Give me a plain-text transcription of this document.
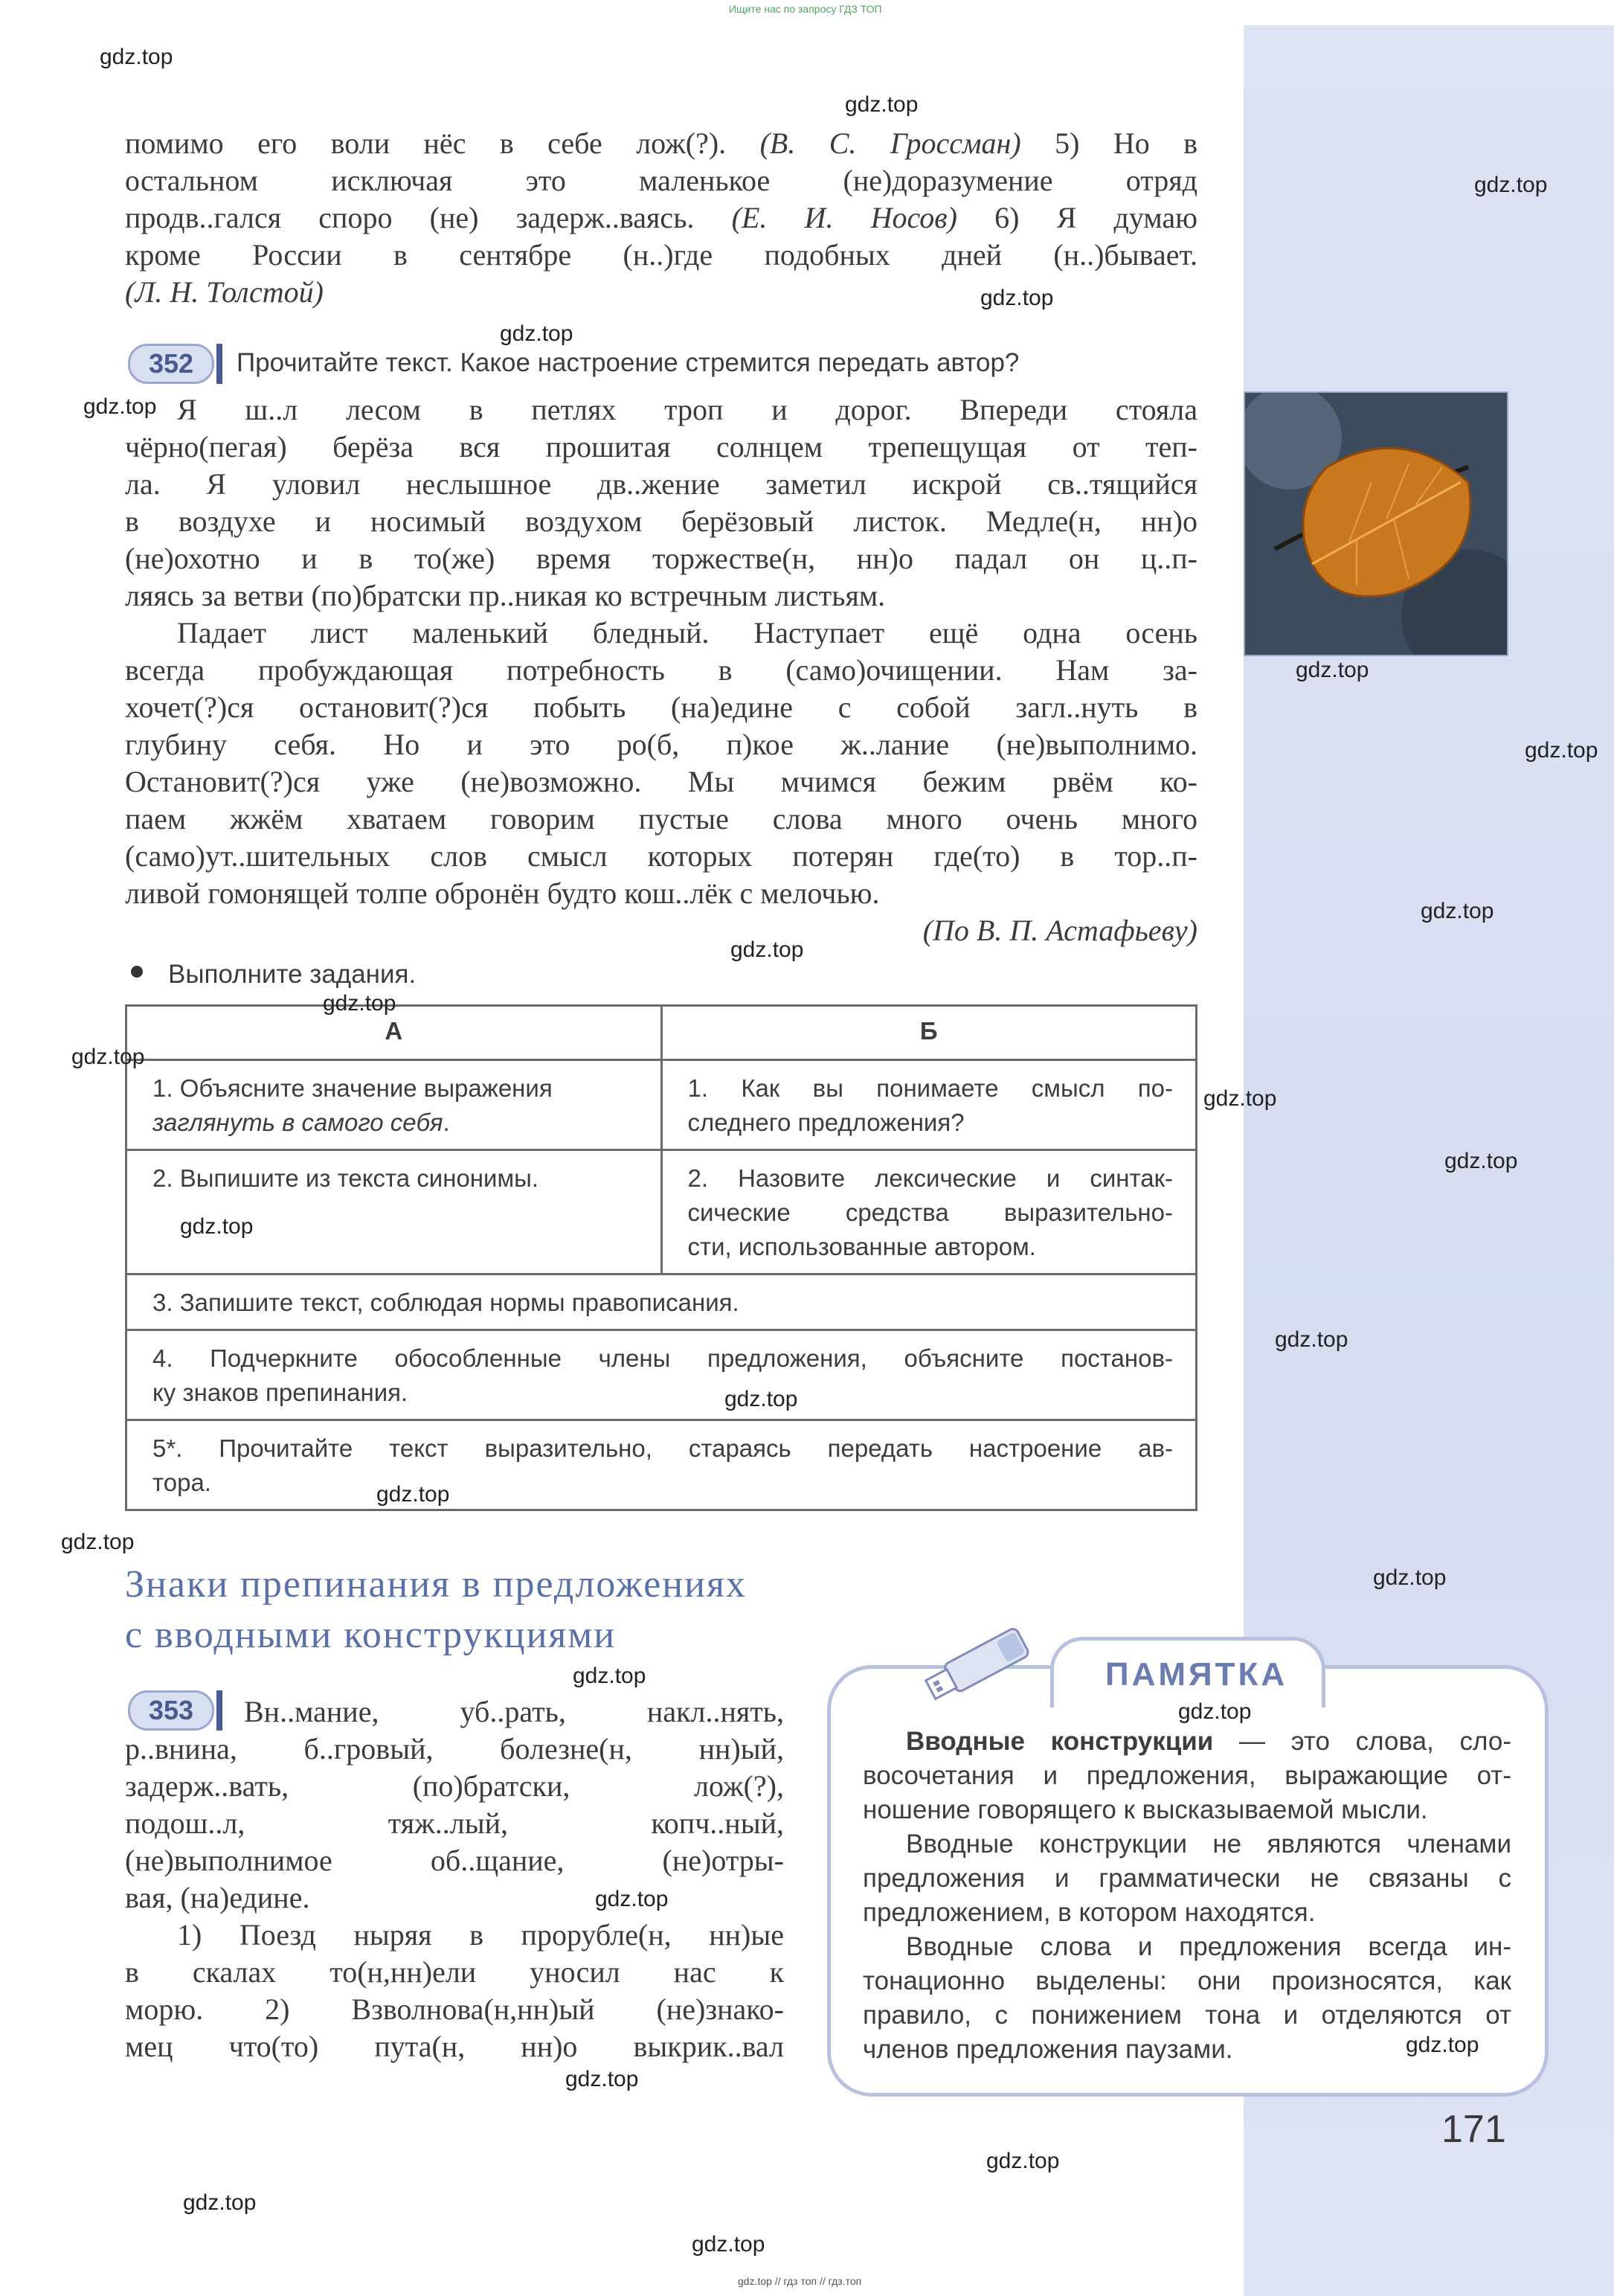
Ищите нас по запросу ГДЗ ТОП
помимо его воли нёс в себе лож(?). (В. С. Гроссман) 5) Но в
остальном исключая это маленькое (не)доразумение отряд
продв..гался споро (не) задерж..ваясь. (Е. И. Носов) 6) Я думаю
кроме России в сентябре (н..)где подобных дней (н..)бывает.
(Л. Н. Толстой)
352	Прочитайте текст. Какое настроение стремится передать автор?
Я ш..л лесом в петлях троп и дорог. Впереди стояла
чёрно(пегая) берёза вся прошитая солнцем трепещущая от теп-
ла. Я уловил неслышное дв..жение заметил искрой св..тящийся
в воздухе и носимый воздухом берёзовый листок. Медле(н, нн)о
(не)охотно и в то(же) время торжестве(н, нн)о падал он ц..п-
ляясь за ветви (по)братски пр..никая ко встречным листьям.
Падает лист маленький бледный. Наступает ещё одна осень
всегда пробуждающая потребность в (само)очищении. Нам за-
хочет(?)ся остановит(?)ся побыть (на)едине с собой загл..нуть в
глубину себя. Но и это ро(б, п)кое ж..лание (не)выполнимо.
Остановит(?)ся уже (не)возможно. Мы мчимся бежим рвём ко-
паем жжём хватаем говорим пустые слова много очень много
(само)ут..шительных слов смысл которых потерян где(то) в тор..п-
ливой гомонящей толпе обронён будто кош..лёк с мелочью.
(По В. П. Астафьеву)
Выполните задания.
А	Б
1. Объясните значение выражения
заглянуть в самого себя.	1. Как вы понимаете смысл по-
следнего предложения?

2. Выпишите из текста синонимы.	2. Назовите лексические и синтак-
сические средства выразительно-
сти, использованные автором.

3. Запишите текст, соблюдая нормы правописания.	

4. Подчеркните обособленные члены предложения, объясните постанов-
ку знаков препинания.	

5*. Прочитайте текст выразительно, стараясь передать настроение ав-
тора.	
Знаки препинания в предложениях
с вводными конструкциями
353	Вн..мание, уб..рать, накл..нять,
р..внина, б..гровый, болезне(н, нн)ый,
задерж..вать, (по)братски, лож(?),
подош..л, тяж..лый, копч..ный,
(не)выполнимое об..щание, (не)отры-
вая, (на)едине.
1) Поезд ныряя в прорубле(н, нн)ые
в скалах то(н,нн)ели уносил нас к
морю. 2) Взволнова(н,нн)ый (не)знако-
мец что(то) пута(н, нн)о выкрик..вал
ПАМЯТКА
Вводные конструкции — это слова, сло-
восочетания и предложения, выражающие от-
ношение говорящего к высказываемой мысли.
Вводные конструкции не являются членами
предложения и грамматически не связаны с
предложением, в котором находятся.
Вводные слова и предложения всегда ин-
тонационно выделены: они произносятся, как
правило, с понижением тона и отделяются от
членов предложения паузами.
171
gdz.top
gdz.top
gdz.top
gdz.top
gdz.top
gdz.top
gdz.top
gdz.top
gdz.top
gdz.top
gdz.top
gdz.top
gdz.top
gdz.top
gdz.top
gdz.top
gdz.top
gdz.top
gdz.top
gdz.top
gdz.top
gdz.top
gdz.top
gdz.top
gdz.top
gdz.top
gdz.top
gdz.top
gdz.top // гдз топ // гдз.топ
